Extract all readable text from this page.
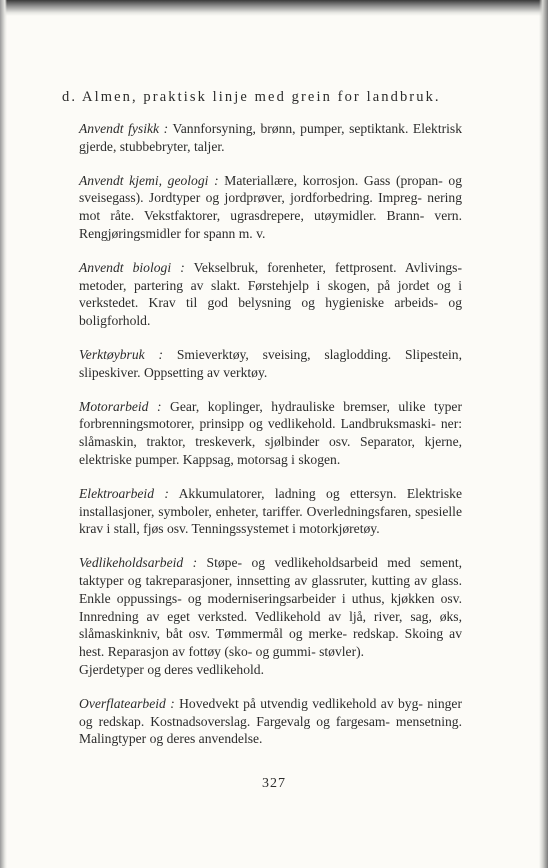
d. Almen, praktisk linje med grein for landbruk.

Anvendt fysikk : Vannforsyning, brønn, pumper, septiktank. Elektrisk gjerde, stubbebryter, taljer.

Anvendt kjemi, geologi : Materiallære, korrosjon. Gass (propan- og sveisegass). Jordtyper og jordprøver, jordforbedring. Impreg- nering mot råte. Vekstfaktorer, ugrasdrepere, utøymidler. Brann- vern. Rengjøringsmidler for spann m. v.

Anvendt biologi : Vekselbruk, forenheter, fettprosent. Avlivings- metoder, partering av slakt. Førstehjelp i skogen, på jordet og i verkstedet. Krav til god belysning og hygieniske arbeids- og boligforhold.

Verktøybruk : Smieverktøy, sveising, slaglodding. Slipestein, slipeskiver. Oppsetting av verktøy.

Motorarbeid : Gear, koplinger, hydrauliske bremser, ulike typer forbrenningsmotorer, prinsipp og vedlikehold. Landbruksmaski- ner: slåmaskin, traktor, treskeverk, sjølbinder osv. Separator, kjerne, elektriske pumper. Kappsag, motorsag i skogen.

Elektroarbeid : Akkumulatorer, ladning og ettersyn. Elektriske installasjoner, symboler, enheter, tariffer. Overledningsfaren, spesielle krav i stall, fjøs osv. Tenningssystemet i motorkjøretøy.

Vedlikeholdsarbeid : Støpe- og vedlikeholdsarbeid med sement, taktyper og takreparasjoner, innsetting av glassruter, kutting av glass. Enkle oppussings- og moderniseringsarbeider i uthus, kjøkken osv. Innredning av eget verksted. Vedlikehold av ljå, river, sag, øks, slåmaskinkniv, båt osv. Tømmermål og merke- redskap. Skoing av hest. Reparasjon av fottøy (sko- og gummi- støvler).

Gjerdetyper og deres vedlikehold.

Overflatearbeid : Hovedvekt på utvendig vedlikehold av byg- ninger og redskap. Kostnadsoverslag. Fargevalg og fargesam- mensetning. Malingtyper og deres anvendelse.

327
